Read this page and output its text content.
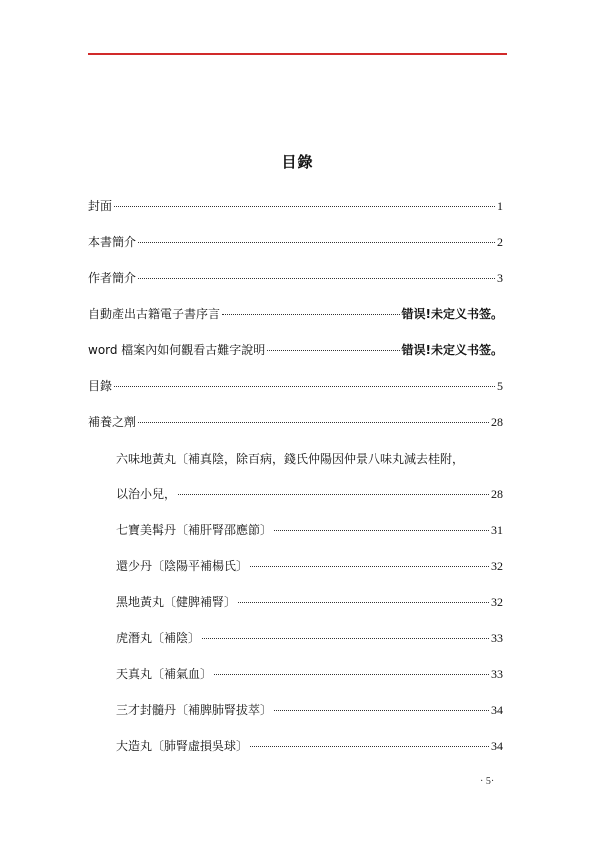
目錄
封面	1
本書簡介	2
作者簡介	3
自動產出古籍電子書序言	错误!未定义书签。
word 檔案內如何觀看古難字說明	错误!未定义书签。
目錄	5
補養之劑	28
六味地黃丸〔補真陰，除百病，錢氏仲陽因仲景八味丸減去桂附，
以治小兒，	28
七寶美髯丹〔補肝腎邵應節〕	31
還少丹〔陰陽平補楊氏〕	32
黑地黃丸〔健脾補腎〕	32
虎潛丸〔補陰〕	33
天真丸〔補氣血〕	33
三才封髓丹〔補脾肺腎拔萃〕	34
大造丸〔肺腎虛損吳球〕	34
· 5·
